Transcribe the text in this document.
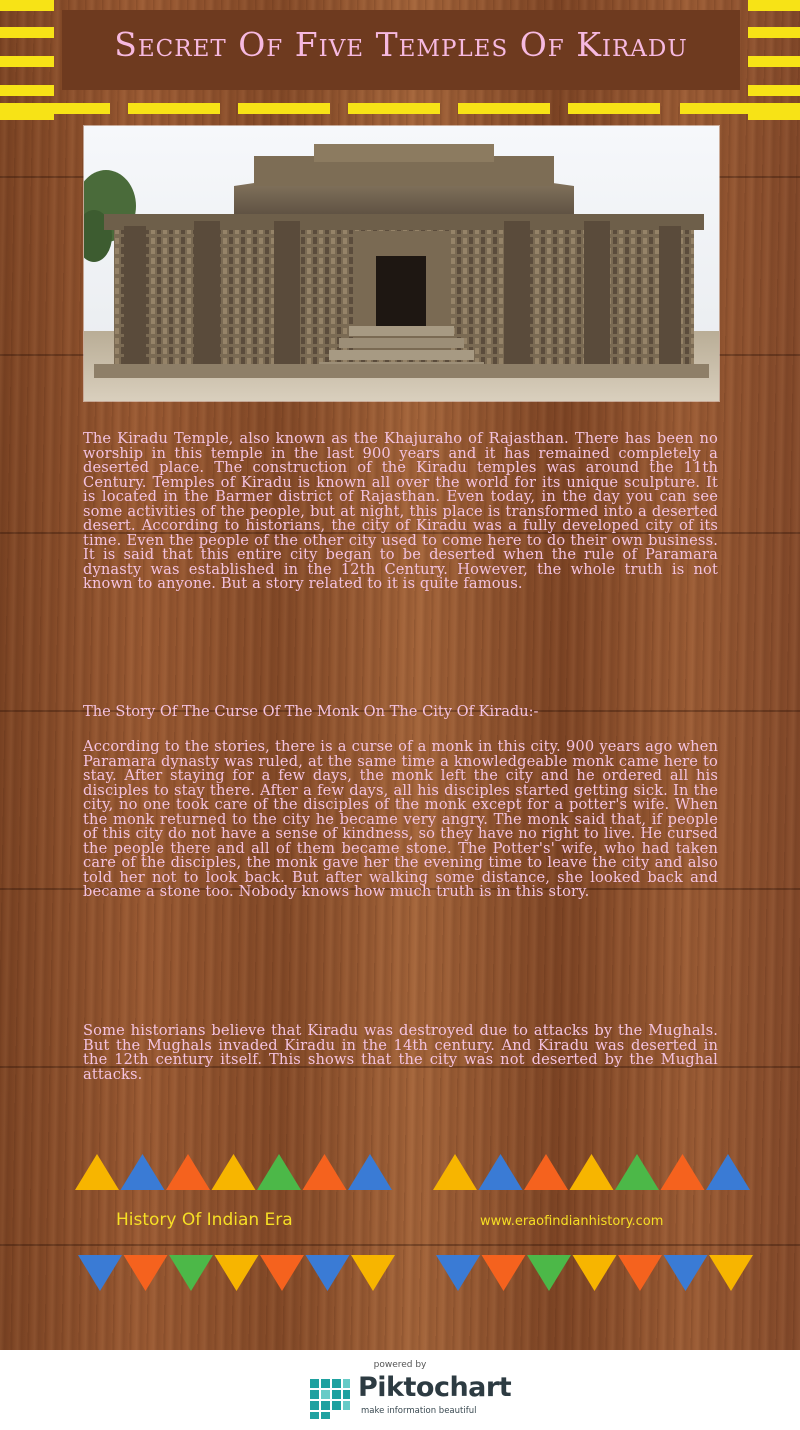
Secret Of Five Temples Of Kiradu

The Kiradu Temple, also known as the Khajuraho of Rajasthan. There has been no worship in this temple in the last 900 years and it has remained completely a deserted place. The construction of the Kiradu temples was around the 11th Century. Temples of Kiradu is known all over the world for its unique sculpture. It is located in the Barmer district of Rajasthan. Even today, in the day you can see some activities of the people, but at night, this place is transformed into a deserted desert. According to historians, the city of Kiradu was a fully developed city of its time. Even the people of the other city used to come here to do their own business. It is said that this entire city began to be deserted when the rule of Paramara dynasty was established in the 12th Century. However, the whole truth is not known to anyone. But a story related to it is quite famous.

The Story Of The Curse Of The Monk On The City Of Kiradu:-

According to the stories, there is a curse of a monk in this city. 900 years ago when Paramara dynasty was ruled, at the same time a knowledgeable monk came here to stay. After staying for a few days, the monk left the city and he ordered all his disciples to stay there. After a few days, all his disciples started getting sick. In the city, no one took care of the disciples of the monk except for a potter's wife. When the monk returned to the city he became very angry. The monk said that, if people of this city do not have a sense of kindness, so they have no right to live. He cursed the people there and all of them became stone. The Potter's' wife, who had taken care of the disciples, the monk gave her the evening time to leave the city and also told her not to look back. But after walking some distance, she looked back and became a stone too. Nobody knows how much truth is in this story.

Some historians believe that Kiradu was destroyed due to attacks by the Mughals. But the Mughals invaded Kiradu in the 14th century. And Kiradu was deserted in the 12th century itself. This shows that the city was not deserted by the Mughal attacks.

History Of Indian Era	www.eraofindianhistory.com

powered by
Piktochart
make information beautiful
